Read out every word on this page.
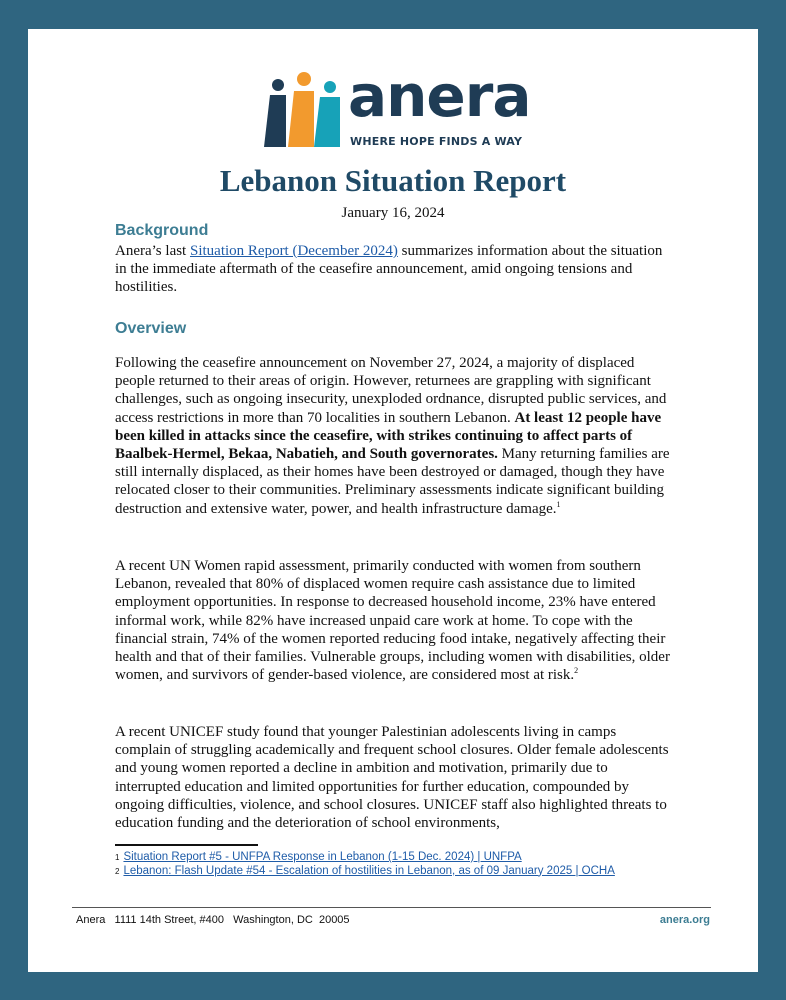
anera
WHERE HOPE FINDS A WAY
Lebanon Situation Report
January 16, 2024
Background

Anera’s last Situation Report (December 2024) summarizes information about the situation in the immediate aftermath of the ceasefire announcement, amid ongoing tensions and hostilities.

Overview

Following the ceasefire announcement on November 27, 2024, a majority of displaced people returned to their areas of origin. However, returnees are grappling with significant challenges, such as ongoing insecurity, unexploded ordnance, disrupted public services, and access restrictions in more than 70 localities in southern Lebanon. At least 12 people have been killed in attacks since the ceasefire, with strikes continuing to affect parts of Baalbek-Hermel, Bekaa, Nabatieh, and South governorates. Many returning families are still internally displaced, as their homes have been destroyed or damaged, though they have relocated closer to their communities. Preliminary assessments indicate significant building destruction and extensive water, power, and health infrastructure damage.$^1$

A recent UN Women rapid assessment, primarily conducted with women from southern Lebanon, revealed that 80% of displaced women require cash assistance due to limited employment opportunities. In response to decreased household income, 23% have entered informal work, while 82% have increased unpaid care work at home. To cope with the financial strain, 74% of the women reported reducing food intake, negatively affecting their health and that of their families. Vulnerable groups, including women with disabilities, older women, and survivors of gender-based violence, are considered most at risk.$^2$

A recent UNICEF study found that younger Palestinian adolescents living in camps complain of struggling academically and frequent school closures. Older female adolescents and young women reported a decline in ambition and motivation, primarily due to interrupted education and limited opportunities for further education, compounded by ongoing difficulties, violence, and school closures. UNICEF staff also highlighted threats to education funding and the deterioration of school environments,

$^1$ Situation Report #5 - UNFPA Response in Lebanon (1-15 Dec. 2024) | UNFPA
$^2$ Lebanon: Flash Update #54 - Escalation of hostilities in Lebanon, as of 09 January 2025 | OCHA
Anera   1111 14th Street, #400   Washington, DC  20005	anera.org
